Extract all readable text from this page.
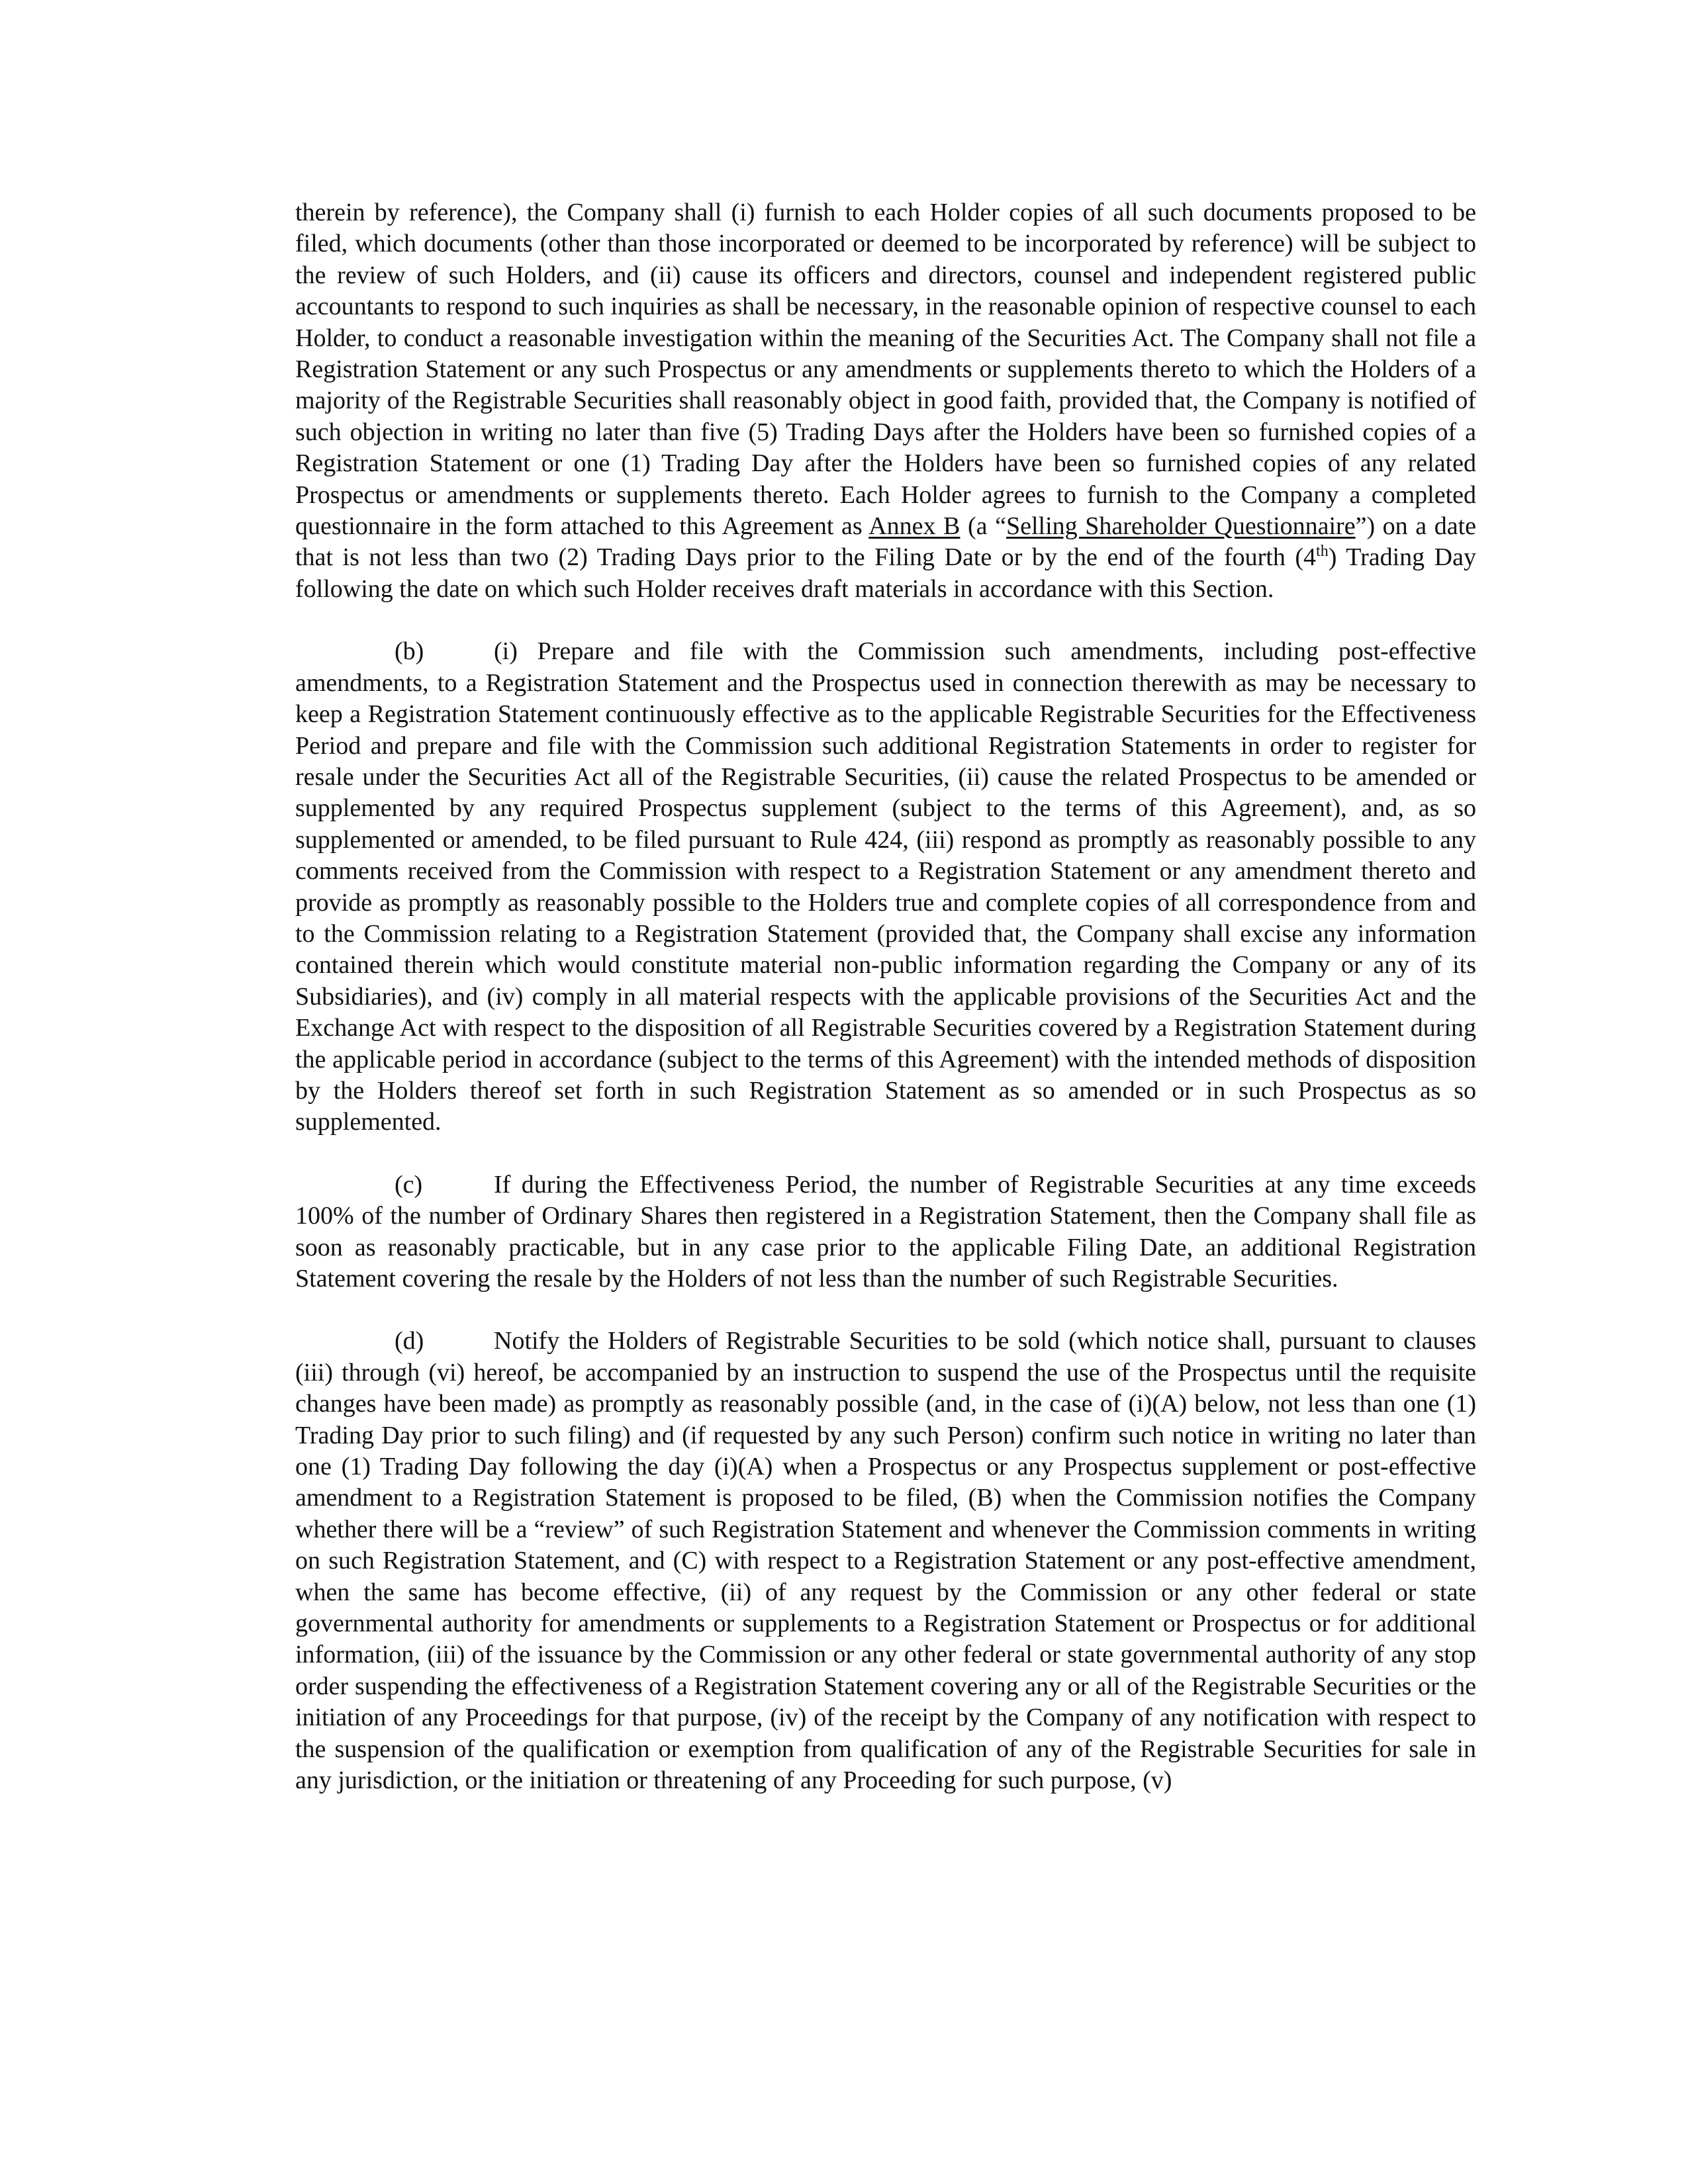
therein by reference), the Company shall (i) furnish to each Holder copies of all such documents proposed to be filed, which documents (other than those incorporated or deemed to be incorporated by reference) will be subject to the review of such Holders, and (ii) cause its officers and directors, counsel and independent registered public accountants to respond to such inquiries as shall be necessary, in the reasonable opinion of respective counsel to each Holder, to conduct a reasonable investigation within the meaning of the Securities Act. The Company shall not file a Registration Statement or any such Prospectus or any amendments or supplements thereto to which the Holders of a majority of the Registrable Securities shall reasonably object in good faith, provided that, the Company is notified of such objection in writing no later than five (5) Trading Days after the Holders have been so furnished copies of a Registration Statement or one (1) Trading Day after the Holders have been so furnished copies of any related Prospectus or amendments or supplements thereto. Each Holder agrees to furnish to the Company a completed questionnaire in the form attached to this Agreement as Annex B (a “Selling Shareholder Questionnaire”) on a date that is not less than two (2) Trading Days prior to the Filing Date or by the end of the fourth (4th) Trading Day following the date on which such Holder receives draft materials in accordance with this Section.

(b)	(i) Prepare and file with the Commission such amendments, including post-effective amendments, to a Registration Statement and the Prospectus used in connection therewith as may be necessary to keep a Registration Statement continuously effective as to the applicable Registrable Securities for the Effectiveness Period and prepare and file with the Commission such additional Registration Statements in order to register for resale under the Securities Act all of the Registrable Securities, (ii) cause the related Prospectus to be amended or supplemented by any required Prospectus supplement (subject to the terms of this Agreement), and, as so supplemented or amended, to be filed pursuant to Rule 424, (iii) respond as promptly as reasonably possible to any comments received from the Commission with respect to a Registration Statement or any amendment thereto and provide as promptly as reasonably possible to the Holders true and complete copies of all correspondence from and to the Commission relating to a Registration Statement (provided that, the Company shall excise any information contained therein which would constitute material non-public information regarding the Company or any of its Subsidiaries), and (iv) comply in all material respects with the applicable provisions of the Securities Act and the Exchange Act with respect to the disposition of all Registrable Securities covered by a Registration Statement during the applicable period in accordance (subject to the terms of this Agreement) with the intended methods of disposition by the Holders thereof set forth in such Registration Statement as so amended or in such Prospectus as so supplemented.

(c)	If during the Effectiveness Period, the number of Registrable Securities at any time exceeds 100% of the number of Ordinary Shares then registered in a Registration Statement, then the Company shall file as soon as reasonably practicable, but in any case prior to the applicable Filing Date, an additional Registration Statement covering the resale by the Holders of not less than the number of such Registrable Securities.

(d)	Notify the Holders of Registrable Securities to be sold (which notice shall, pursuant to clauses (iii) through (vi) hereof, be accompanied by an instruction to suspend the use of the Prospectus until the requisite changes have been made) as promptly as reasonably possible (and, in the case of (i)(A) below, not less than one (1) Trading Day prior to such filing) and (if requested by any such Person) confirm such notice in writing no later than one (1) Trading Day following the day (i)(A) when a Prospectus or any Prospectus supplement or post-effective amendment to a Registration Statement is proposed to be filed, (B) when the Commission notifies the Company whether there will be a “review” of such Registration Statement and whenever the Commission comments in writing on such Registration Statement, and (C) with respect to a Registration Statement or any post-effective amendment, when the same has become effective, (ii) of any request by the Commission or any other federal or state governmental authority for amendments or supplements to a Registration Statement or Prospectus or for additional information, (iii) of the issuance by the Commission or any other federal or state governmental authority of any stop order suspending the effectiveness of a Registration Statement covering any or all of the Registrable Securities or the initiation of any Proceedings for that purpose, (iv) of the receipt by the Company of any notification with respect to the suspension of the qualification or exemption from qualification of any of the Registrable Securities for sale in any jurisdiction, or the initiation or threatening of any Proceeding for such purpose, (v)
